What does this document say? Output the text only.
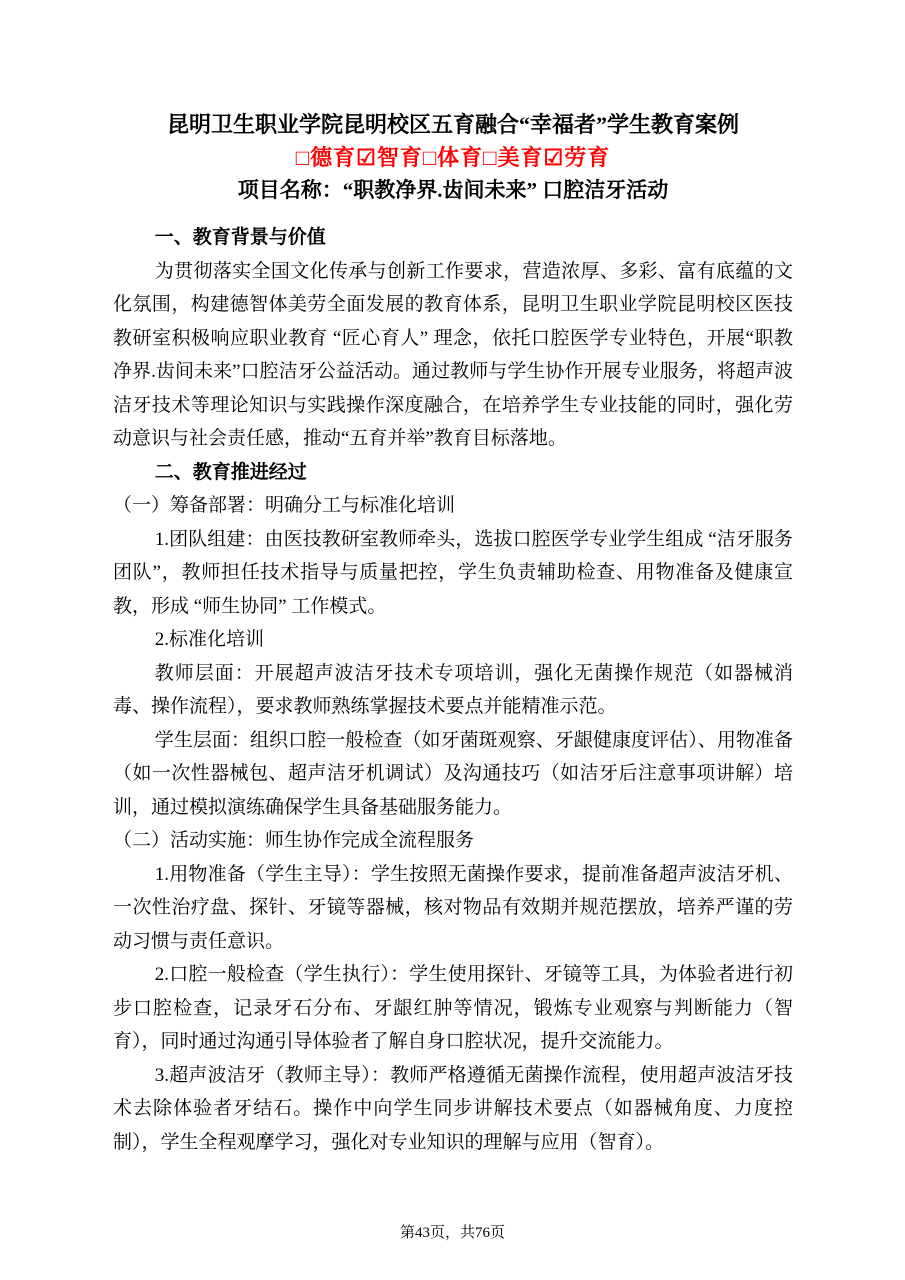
昆明卫生职业学院昆明校区五育融合“幸福者”学生教育案例
□德育☑智育□体育□美育☑劳育
项目名称：“职教净界.齿间未来” 口腔洁牙活动

一、教育背景与价值

为贯彻落实全国文化传承与创新工作要求，营造浓厚、多彩、富有底蕴的文化氛围，构建德智体美劳全面发展的教育体系，昆明卫生职业学院昆明校区医技教研室积极响应职业教育 “匠心育人” 理念，依托口腔医学专业特色，开展“职教净界.齿间未来”口腔洁牙公益活动。通过教师与学生协作开展专业服务，将超声波洁牙技术等理论知识与实践操作深度融合，在培养学生专业技能的同时，强化劳动意识与社会责任感，推动“五育并举”教育目标落地。

二、教育推进经过

（一）筹备部署：明确分工与标准化培训

1.团队组建：由医技教研室教师牵头，选拔口腔医学专业学生组成 “洁牙服务团队”，教师担任技术指导与质量把控，学生负责辅助检查、用物准备及健康宣教，形成 “师生协同” 工作模式。

2.标准化培训

教师层面：开展超声波洁牙技术专项培训，强化无菌操作规范（如器械消毒、操作流程），要求教师熟练掌握技术要点并能精准示范。

学生层面：组织口腔一般检查（如牙菌斑观察、牙龈健康度评估）、用物准备（如一次性器械包、超声洁牙机调试）及沟通技巧（如洁牙后注意事项讲解）培训，通过模拟演练确保学生具备基础服务能力。

（二）活动实施：师生协作完成全流程服务

1.用物准备（学生主导）：学生按照无菌操作要求，提前准备超声波洁牙机、一次性治疗盘、探针、牙镜等器械，核对物品有效期并规范摆放，培养严谨的劳动习惯与责任意识。

2.口腔一般检查（学生执行）：学生使用探针、牙镜等工具，为体验者进行初步口腔检查，记录牙石分布、牙龈红肿等情况，锻炼专业观察与判断能力（智育），同时通过沟通引导体验者了解自身口腔状况，提升交流能力。

3.超声波洁牙（教师主导）：教师严格遵循无菌操作流程，使用超声波洁牙技术去除体验者牙结石。操作中向学生同步讲解技术要点（如器械角度、力度控制），学生全程观摩学习，强化对专业知识的理解与应用（智育）。

第43页，共76页
